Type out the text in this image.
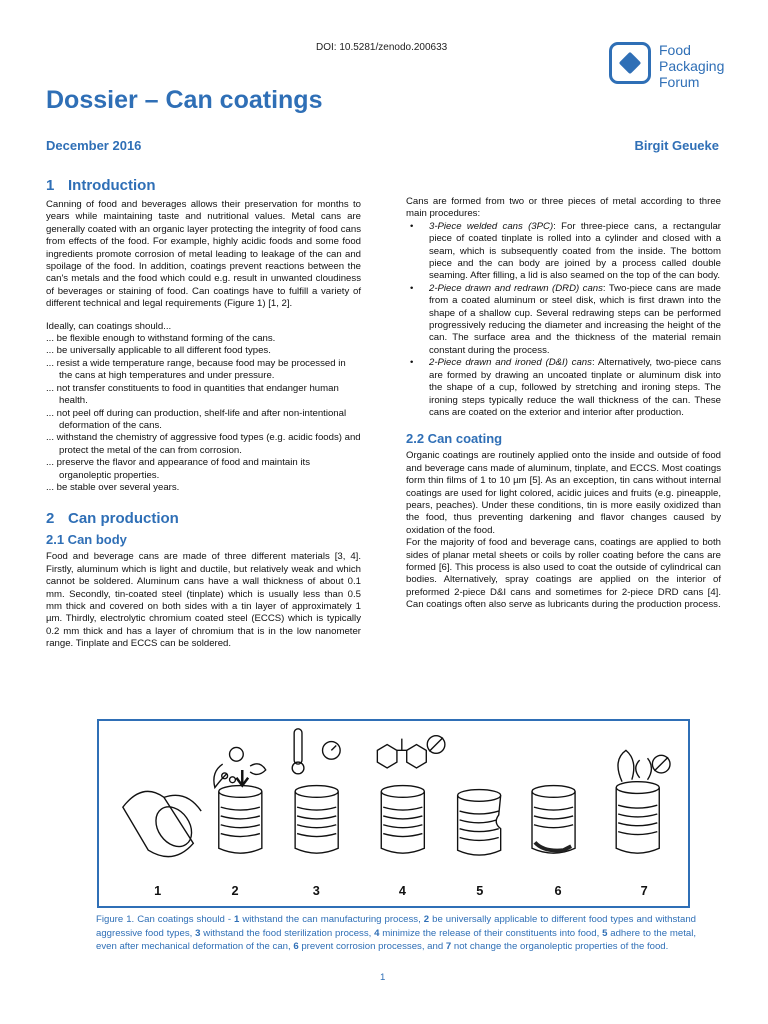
DOI: 10.5281/zenodo.200633	Food
Packaging
Forum
Dossier – Can coatings
December 2016	Birgit Geueke
1 Introduction

Canning of food and beverages allows their preservation for months to years while maintaining taste and nutritional values. Metal cans are generally coated with an organic layer protecting the integrity of food cans from effects of the food. For example, highly acidic foods and some food ingredients promote corrosion of metal leading to leakage of the can and spoilage of the food. In addition, coatings prevent reactions between the can's metals and the food which could e.g. result in unwanted cloudiness of beverages or staining of food. Can coatings have to fulfill a variety of different technical and legal requirements (Figure 1) [1, 2].

Ideally, can coatings should...

... be flexible enough to withstand forming of the cans.
... be universally applicable to all different food types.
... resist a wide temperature range, because food may be processed in the cans at high temperatures and under pressure.
... not transfer constituents to food in quantities that endanger human health.
... not peel off during can production, shelf-life and after non-intentional deformation of the cans.
... withstand the chemistry of aggressive food types (e.g. acidic foods) and protect the metal of the can from corrosion.
... preserve the flavor and appearance of food and maintain its organoleptic properties.
... be stable over several years.
2 Can production
2.1 Can body

Food and beverage cans are made of three different materials [3, 4]. Firstly, aluminum which is light and ductile, but relatively weak and which cannot be soldered. Aluminum cans have a wall thickness of about 0.1 mm. Secondly, tin-coated steel (tinplate) which is usually less than 0.5 mm thick and covered on both sides with a tin layer of approximately 1 µm. Thirdly, electrolytic chromium coated steel (ECCS) which is typically 0.2 mm thick and has a layer of chromium that is in the low nanometer range. Tinplate and ECCS can be soldered.

Cans are formed from two or three pieces of metal according to three main procedures:

• 3-Piece welded cans (3PC): For three-piece cans, a rectangular piece of coated tinplate is rolled into a cylinder and closed with a seam, which is subsequently coated from the inside. The bottom piece and the can body are joined by a process called double seaming. After filling, a lid is also seamed on the top of the can body.
• 2-Piece drawn and redrawn (DRD) cans: Two-piece cans are made from a coated aluminum or steel disk, which is first drawn into the shape of a shallow cup. Several redrawing steps can be performed progressively reducing the diameter and increasing the height of the can. The surface area and the thickness of the material remain constant during the process.
• 2-Piece drawn and ironed (D&I) cans: Alternatively, two-piece cans are formed by drawing an uncoated tinplate or aluminum disk into the shape of a cup, followed by stretching and ironing steps. The ironing steps typically reduce the wall thickness of the can. These cans are coated on the exterior and interior after production.
2.2 Can coating

Organic coatings are routinely applied onto the inside and outside of food and beverage cans made of aluminum, tinplate, and ECCS. Most coatings form thin films of 1 to 10 µm [5]. As an exception, tin cans without internal coatings are used for light colored, acidic juices and fruits (e.g. pineapple, pears, peaches). Under these conditions, tin is more easily oxidized than the food, thus preventing darkening and flavor changes caused by oxidation of the food.

For the majority of food and beverage cans, coatings are applied to both sides of planar metal sheets or coils by roller coating before the cans are formed [6]. This process is also used to coat the outside of cylindrical can bodies. Alternatively, spray coatings are applied on the interior of preformed 2-piece D&I cans and sometimes for 2-piece DRD cans [4]. Can coatings often also serve as lubricants during the production process.

1	2	3	4	5	6	7
Figure 1. Can coatings should - 1 withstand the can manufacturing process, 2 be universally applicable to different food types and withstand aggressive food types, 3 withstand the food sterilization process, 4 minimize the release of their constituents into food, 5 adhere to the metal, even after mechanical deformation of the can, 6 prevent corrosion processes, and 7 not change the organoleptic properties of the food.
1
